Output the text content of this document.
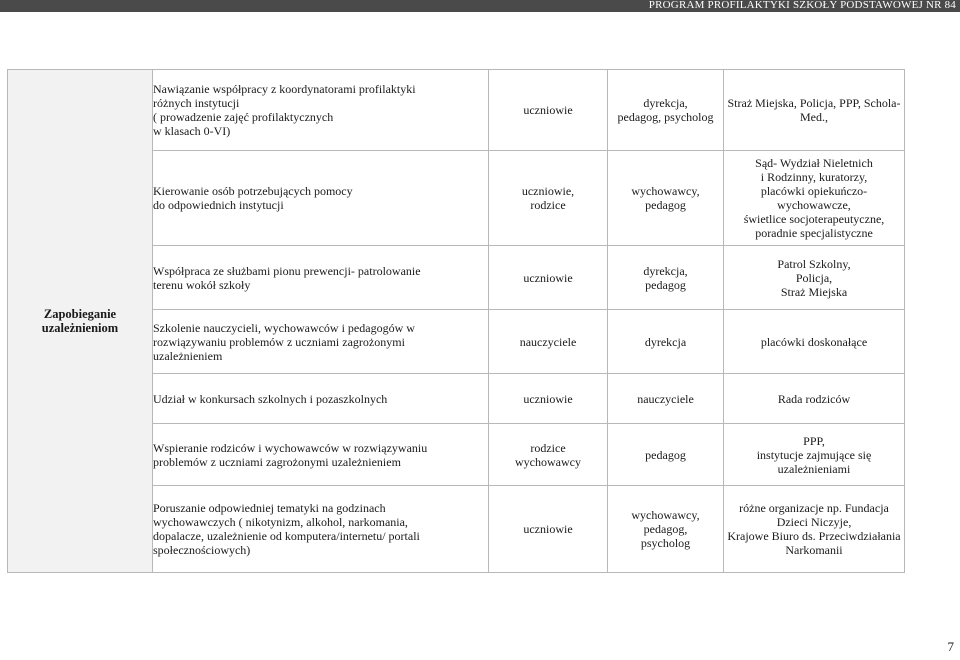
PROGRAM PROFILAKTYKI SZKOŁY PODSTAWOWEJ NR 84
Zapobieganie
uzależnieniom	Nawiązanie współpracy z koordynatorami profilaktyki
różnych instytucji
( prowadzenie zajęć profilaktycznych
w klasach 0-VI)	uczniowie	dyrekcja,
pedagog, psycholog	Straż Miejska, Policja, PPP, Schola-
Med.,

	Kierowanie osób potrzebujących pomocy
do odpowiednich instytucji	uczniowie,
rodzice	wychowawcy,
pedagog	Sąd- Wydział Nieletnich
i Rodzinny, kuratorzy,
placówki opiekuńczo- wychowawcze,
świetlice socjoterapeutyczne,
poradnie specjalistyczne

	Współpraca ze służbami pionu prewencji- patrolowanie
terenu wokół szkoły	uczniowie	dyrekcja,
pedagog	Patrol Szkolny,
Policja,
Straż Miejska

	Szkolenie nauczycieli, wychowawców i pedagogów w
rozwiązywaniu problemów z uczniami zagrożonymi
uzależnieniem	nauczyciele	dyrekcja	placówki doskonałące

	Udział w konkursach szkolnych i pozaszkolnych	uczniowie	nauczyciele	Rada rodziców

	Wspieranie rodziców i wychowawców w rozwiązywaniu
problemów z uczniami zagrożonymi uzależnieniem	rodzice
wychowawcy	pedagog	PPP,
instytucje zajmujące się
uzależnieniami

	Poruszanie odpowiedniej tematyki na godzinach
wychowawczych ( nikotynizm, alkohol, narkomania,
dopalacze, uzależnienie od komputera/internetu/ portali
społecznościowych)	uczniowie	wychowawcy,
pedagog,
psycholog	różne organizacje np. Fundacja
Dzieci Niczyje,
Krajowe Biuro ds. Przeciwdziałania
Narkomanii
7
